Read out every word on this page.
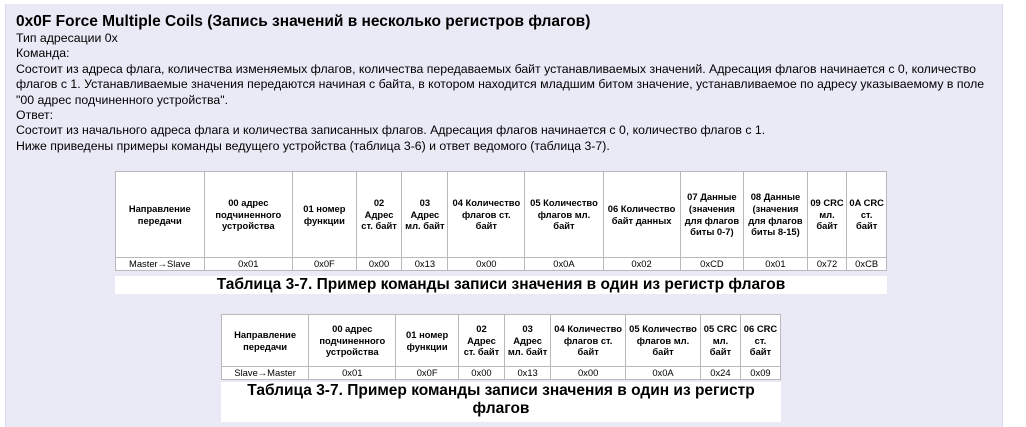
0x0F Force Multiple Coils (Запись значений в несколько регистров флагов)

Тип адресации 0x

Команда:

Состоит из адреса флага, количества изменяемых флагов, количества передаваемых байт устанавливаемых значений. Адресация флагов начинается с 0, количество флагов с 1. Устанавливаемые значения передаются начиная с байта, в котором находится младшим битом значение, устанавливаемое по адресу указываемому в поле "00 адрес подчиненного устройства".

Ответ:

Состоит из начального адреса флага и количества записанных флагов. Адресация флагов начинается с 0, количество флагов с 1.

Ниже приведены примеры команды ведущего устройства (таблица 3-6) и ответ ведомого (таблица 3-7).

Направление передачи	00 адрес подчиненного устройства	01 номер функции	02 Адрес ст. байт	03 Адрес мл. байт	04 Количество флагов ст. байт	05 Количество флагов мл. байт	06 Количество байт данных	07 Данные (значения для флагов биты 0-7)	08 Данные (значения для флагов биты 8-15)	09 CRC мл. байт	0A CRC ст. байт
Master→Slave	0x01	0x0F	0x00	0x13	0x00	0x0A	0x02	0xCD	0x01	0x72	0xCB
Таблица 3-7. Пример команды записи значения в один из регистр флагов
Направление передачи	00 адрес подчиненного устройства	01 номер функции	02 Адрес ст. байт	03 Адрес мл. байт	04 Количество флагов ст. байт	05 Количество флагов мл. байт	05 CRC мл. байт	06 CRC ст. байт
Slave→Master	0x01	0x0F	0x00	0x13	0x00	0x0A	0x24	0x09
Таблица 3-7. Пример команды записи значения в один из регистр флагов
